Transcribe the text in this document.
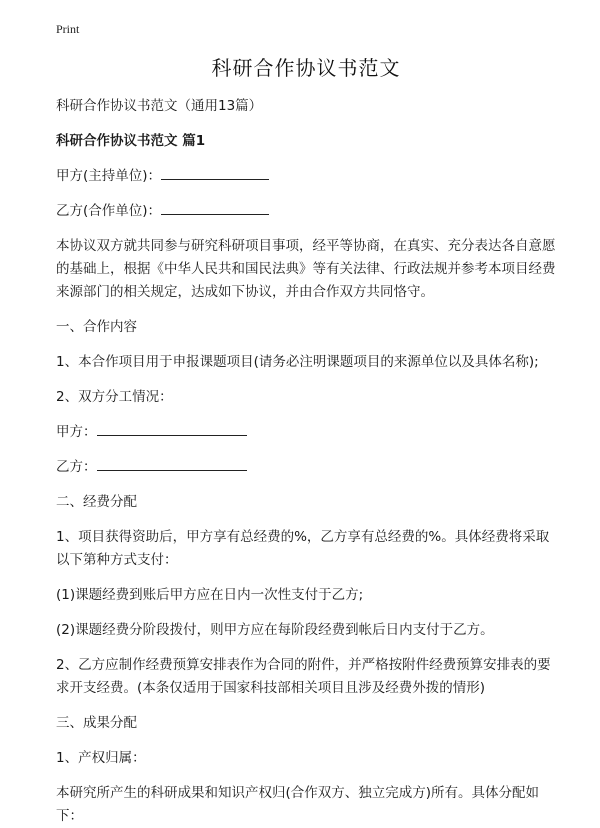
Print
科研合作协议书范文

科研合作协议书范文（通用13篇）

科研合作协议书范文 篇1

甲方(主持单位)：

乙方(合作单位)：

本协议双方就共同参与研究科研项目事项，经平等协商，在真实、充分表达各自意愿的基础上，根据《中华人民共和国民法典》等有关法律、行政法规并参考本项目经费来源部门的相关规定，达成如下协议，并由合作双方共同恪守。

一、合作内容

1、本合作项目用于申报课题项目(请务必注明课题项目的来源单位以及具体名称);

2、双方分工情况：

甲方：

乙方：

二、经费分配

1、项目获得资助后，甲方享有总经费的%，乙方享有总经费的%。具体经费将采取以下第种方式支付：

(1)课题经费到账后甲方应在日内一次性支付于乙方;

(2)课题经费分阶段拨付，则甲方应在每阶段经费到帐后日内支付于乙方。

2、乙方应制作经费预算安排表作为合同的附件，并严格按附件经费预算安排表的要求开支经费。(本条仅适用于国家科技部相关项目且涉及经费外拨的情形)

三、成果分配

1、产权归属：

本研究所产生的科研成果和知识产权归(合作双方、独立完成方)所有。具体分配如下：
